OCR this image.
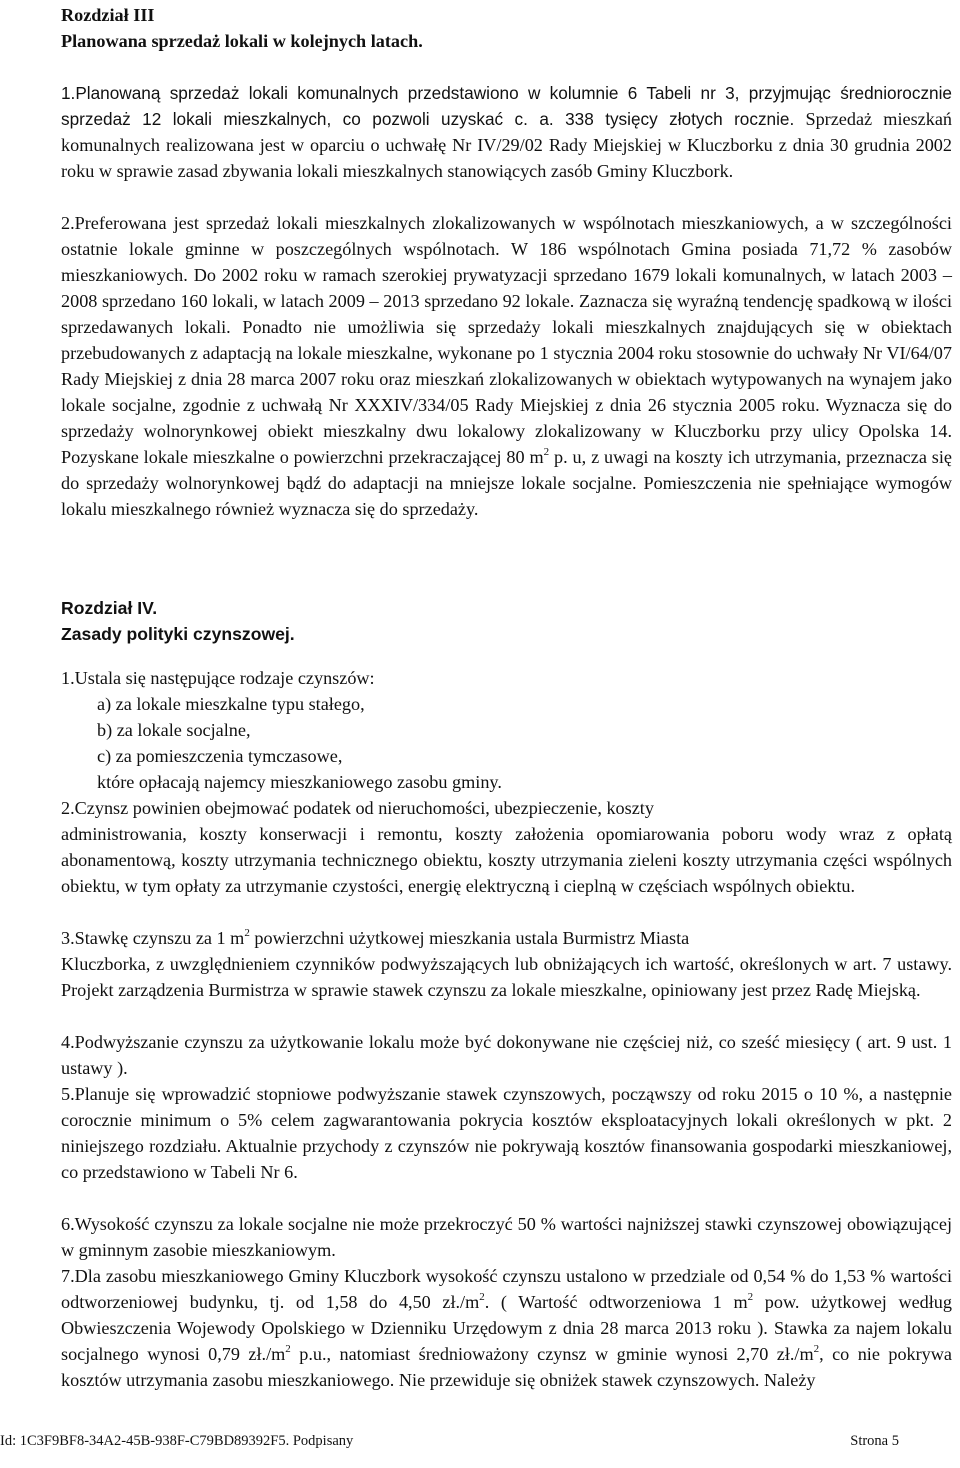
Rozdział III
Planowana sprzedaż lokali w kolejnych latach.
1.Planowaną sprzedaż lokali komunalnych przedstawiono w kolumnie 6 Tabeli nr 3, przyjmując średniorocznie sprzedaż 12 lokali mieszkalnych, co pozwoli uzyskać c. a. 338 tysięcy złotych rocznie. Sprzedaż mieszkań komunalnych realizowana jest w oparciu o uchwałę Nr IV/29/02 Rady Miejskiej w Kluczborku z dnia 30 grudnia 2002 roku w sprawie zasad zbywania lokali mieszkalnych stanowiących zasób Gminy Kluczbork.
2.Preferowana jest sprzedaż lokali mieszkalnych zlokalizowanych w wspólnotach mieszkaniowych, a w szczególności ostatnie lokale gminne w poszczególnych wspólnotach. W 186 wspólnotach Gmina posiada 71,72 % zasobów mieszkaniowych. Do 2002 roku w ramach szerokiej prywatyzacji sprzedano 1679 lokali komunalnych, w latach 2003 – 2008 sprzedano 160 lokali, w latach 2009 – 2013 sprzedano 92 lokale. Zaznacza się wyraźną tendencję spadkową w ilości sprzedawanych lokali. Ponadto nie umożliwia się sprzedaży lokali mieszkalnych znajdujących się w obiektach przebudowanych z adaptacją na lokale mieszkalne, wykonane po 1 stycznia 2004 roku stosownie do uchwały Nr VI/64/07 Rady Miejskiej z dnia 28 marca 2007 roku oraz mieszkań zlokalizowanych w obiektach wytypowanych na wynajem jako lokale socjalne, zgodnie z uchwałą Nr XXXIV/334/05 Rady Miejskiej z dnia 26 stycznia 2005 roku. Wyznacza się do sprzedaży wolnorynkowej obiekt mieszkalny dwu lokalowy zlokalizowany w Kluczborku przy ulicy Opolska 14. Pozyskane lokale mieszkalne o powierzchni przekraczającej 80 $m^2$ p. u, z uwagi na koszty ich utrzymania, przeznacza się do sprzedaży wolnorynkowej bądź do adaptacji na mniejsze lokale socjalne. Pomieszczenia nie spełniające wymogów lokalu mieszkalnego również wyznacza się do sprzedaży.
Rozdział IV.
Zasady polityki czynszowej.
1.Ustala się następujące rodzaje czynszów:
a) za lokale mieszkalne typu stałego,
b) za lokale socjalne,
c) za pomieszczenia tymczasowe,
które opłacają najemcy mieszkaniowego zasobu gminy.
2.Czynsz powinien obejmować podatek od nieruchomości, ubezpieczenie, koszty
administrowania, koszty konserwacji i remontu, koszty założenia opomiarowania poboru wody wraz z opłatą abonamentową, koszty utrzymania technicznego obiektu, koszty utrzymania zieleni koszty utrzymania części wspólnych obiektu, w tym opłaty za utrzymanie czystości, energię elektryczną i cieplną w częściach wspólnych obiektu.
3.Stawkę czynszu za 1 $m^2$ powierzchni użytkowej mieszkania ustala Burmistrz Miasta
Kluczborka, z uwzględnieniem czynników podwyższających lub obniżających ich wartość, określonych w art. 7 ustawy. Projekt zarządzenia Burmistrza w sprawie stawek czynszu za lokale mieszkalne, opiniowany jest przez Radę Miejską.
4.Podwyższanie czynszu za użytkowanie lokalu może być dokonywane nie częściej niż, co sześć miesięcy ( art. 9 ust. 1 ustawy ).
5.Planuje się wprowadzić stopniowe podwyższanie stawek czynszowych, począwszy od roku 2015 o 10 %, a następnie corocznie minimum o 5% celem zagwarantowania pokrycia kosztów eksploatacyjnych lokali określonych w pkt. 2 niniejszego rozdziału. Aktualnie przychody z czynszów nie pokrywają kosztów finansowania gospodarki mieszkaniowej, co przedstawiono w Tabeli Nr 6.
6.Wysokość czynszu za lokale socjalne nie może przekroczyć 50 % wartości najniższej stawki czynszowej obowiązującej w gminnym zasobie mieszkaniowym.
7.Dla zasobu mieszkaniowego Gminy Kluczbork wysokość czynszu ustalono w przedziale od 0,54 % do 1,53 % wartości odtworzeniowej budynku, tj. od 1,58 do 4,50 $zł./m^2$. ( Wartość odtworzeniowa 1 $m^2$ pow. użytkowej według Obwieszczenia Wojewody Opolskiego w Dzienniku Urzędowym z dnia 28 marca 2013 roku ). Stawka za najem lokalu socjalnego wynosi 0,79 $zł./m^2$ p.u., natomiast średnioważony czynsz w gminie wynosi 2,70 $zł./m^2$, co nie pokrywa kosztów utrzymania zasobu mieszkaniowego. Nie przewiduje się obniżek stawek czynszowych. Należy
Id: 1C3F9BF8-34A2-45B-938F-C79BD89392F5. Podpisany	Strona 5
